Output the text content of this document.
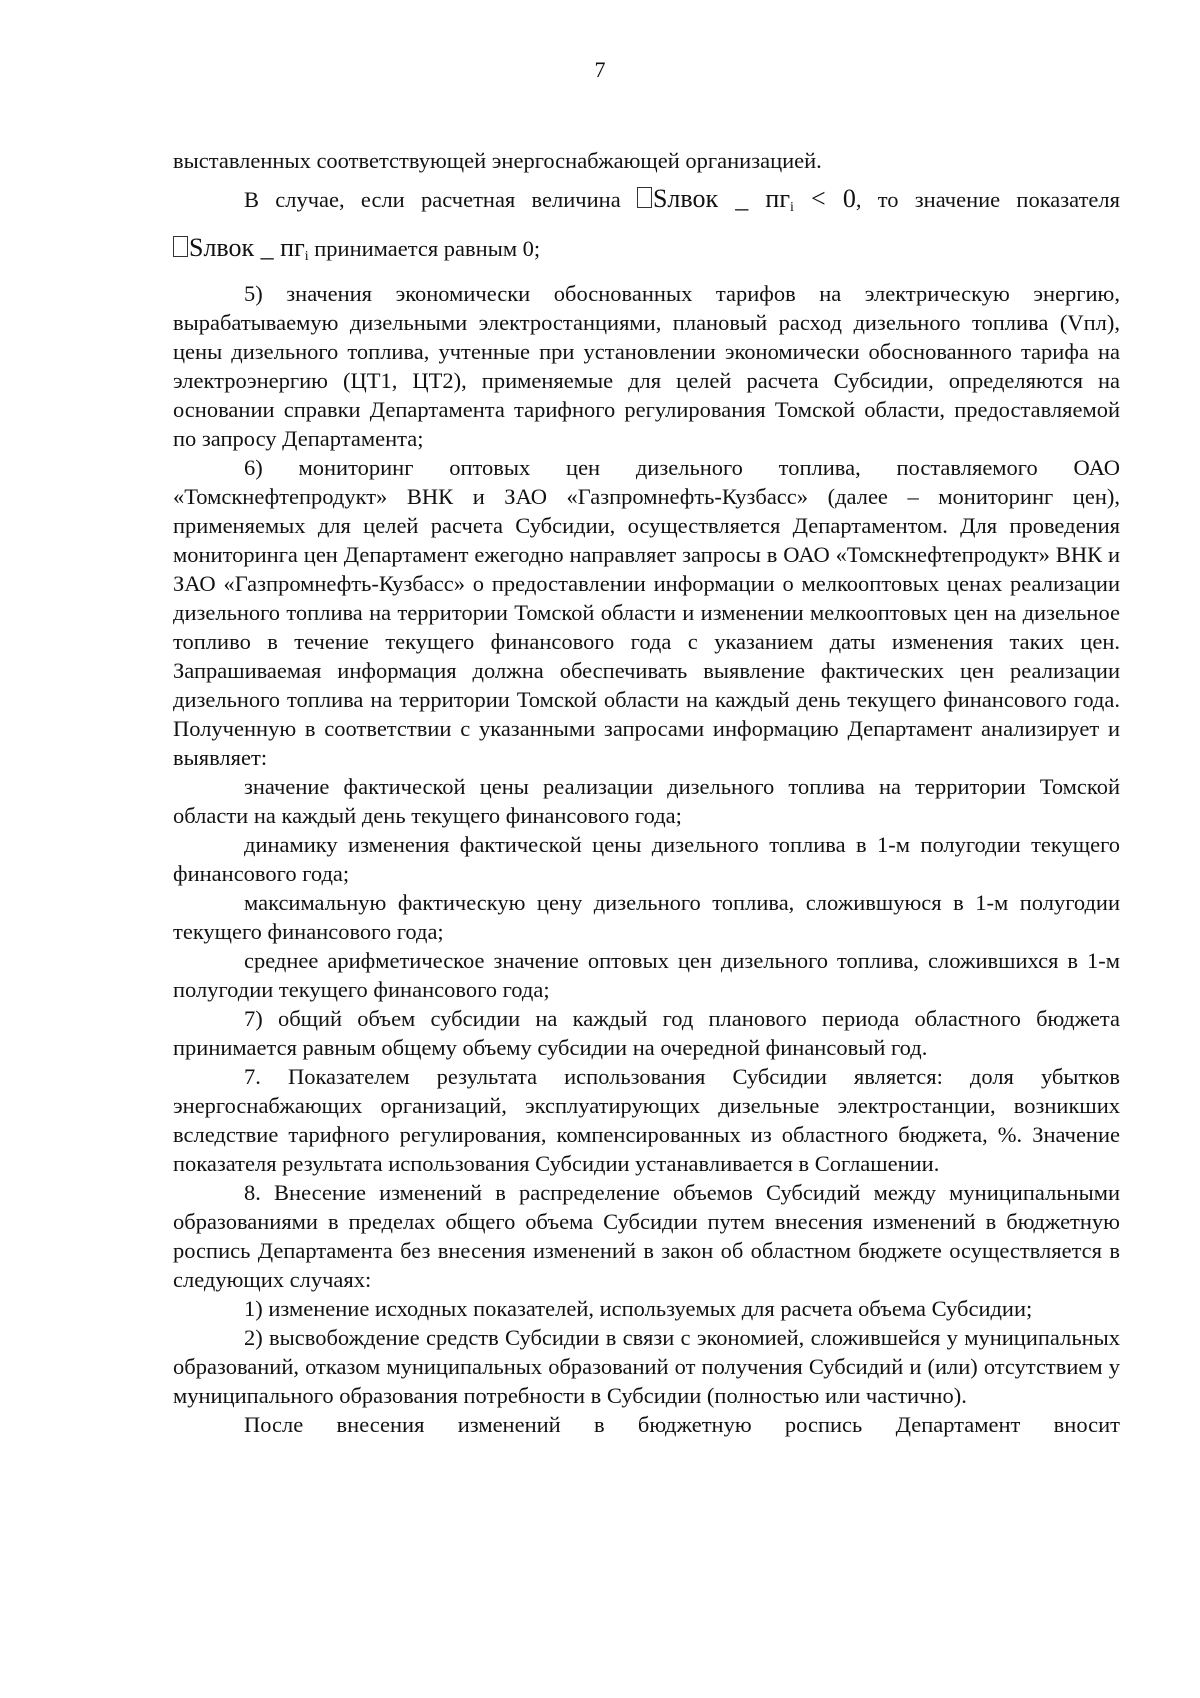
7

выставленных соответствующей энергоснабжающей организацией.

В случае, если расчетная величина Sлвок _ $пг_i < 0$, то значение показателя

Sлвок _ $пг_i$ принимается равным 0;

5) значения экономически обоснованных тарифов на электрическую энергию, вырабатываемую дизельными электростанциями, плановый расход дизельного топлива (Vпл), цены дизельного топлива, учтенные при установлении экономически обоснованного тарифа на электроэнергию (ЦТ1, ЦТ2), применяемые для целей расчета Субсидии, определяются на основании справки Департамента тарифного регулирования Томской области, предоставляемой по запросу Департамента;

6) мониторинг оптовых цен дизельного топлива, поставляемого ОАО «Томскнефтепродукт» ВНК и ЗАО «Газпромнефть-Кузбасс» (далее – мониторинг цен), применяемых для целей расчета Субсидии, осуществляется Департаментом. Для проведения мониторинга цен Департамент ежегодно направляет запросы в ОАО «Томскнефтепродукт» ВНК и ЗАО «Газпромнефть-Кузбасс» о предоставлении информации о мелкооптовых ценах реализации дизельного топлива на территории Томской области и изменении мелкооптовых цен на дизельное топливо в течение текущего финансового года с указанием даты изменения таких цен. Запрашиваемая информация должна обеспечивать выявление фактических цен реализации дизельного топлива на территории Томской области на каждый день текущего финансового года. Полученную в соответствии с указанными запросами информацию Департамент анализирует и выявляет:

значение фактической цены реализации дизельного топлива на территории Томской области на каждый день текущего финансового года;

динамику изменения фактической цены дизельного топлива в 1-м полугодии текущего финансового года;

максимальную фактическую цену дизельного топлива, сложившуюся в 1-м полугодии текущего финансового года;

среднее арифметическое значение оптовых цен дизельного топлива, сложившихся в 1-м полугодии текущего финансового года;

7) общий объем субсидии на каждый год планового периода областного бюджета принимается равным общему объему субсидии на очередной финансовый год.

7. Показателем результата использования Субсидии является: доля убытков энергоснабжающих организаций, эксплуатирующих дизельные электростанции, возникших вследствие тарифного регулирования, компенсированных из областного бюджета, %. Значение показателя результата использования Субсидии устанавливается в Соглашении.

8. Внесение изменений в распределение объемов Субсидий между муниципальными образованиями в пределах общего объема Субсидии путем внесения изменений в бюджетную роспись Департамента без внесения изменений в закон об областном бюджете осуществляется в следующих случаях:

1) изменение исходных показателей, используемых для расчета объема Субсидии;

2) высвобождение средств Субсидии в связи с экономией, сложившейся у муниципальных образований, отказом муниципальных образований от получения Субсидий и (или) отсутствием у муниципального образования потребности в Субсидии (полностью или частично).

После внесения изменений в бюджетную роспись Департамент вносит
